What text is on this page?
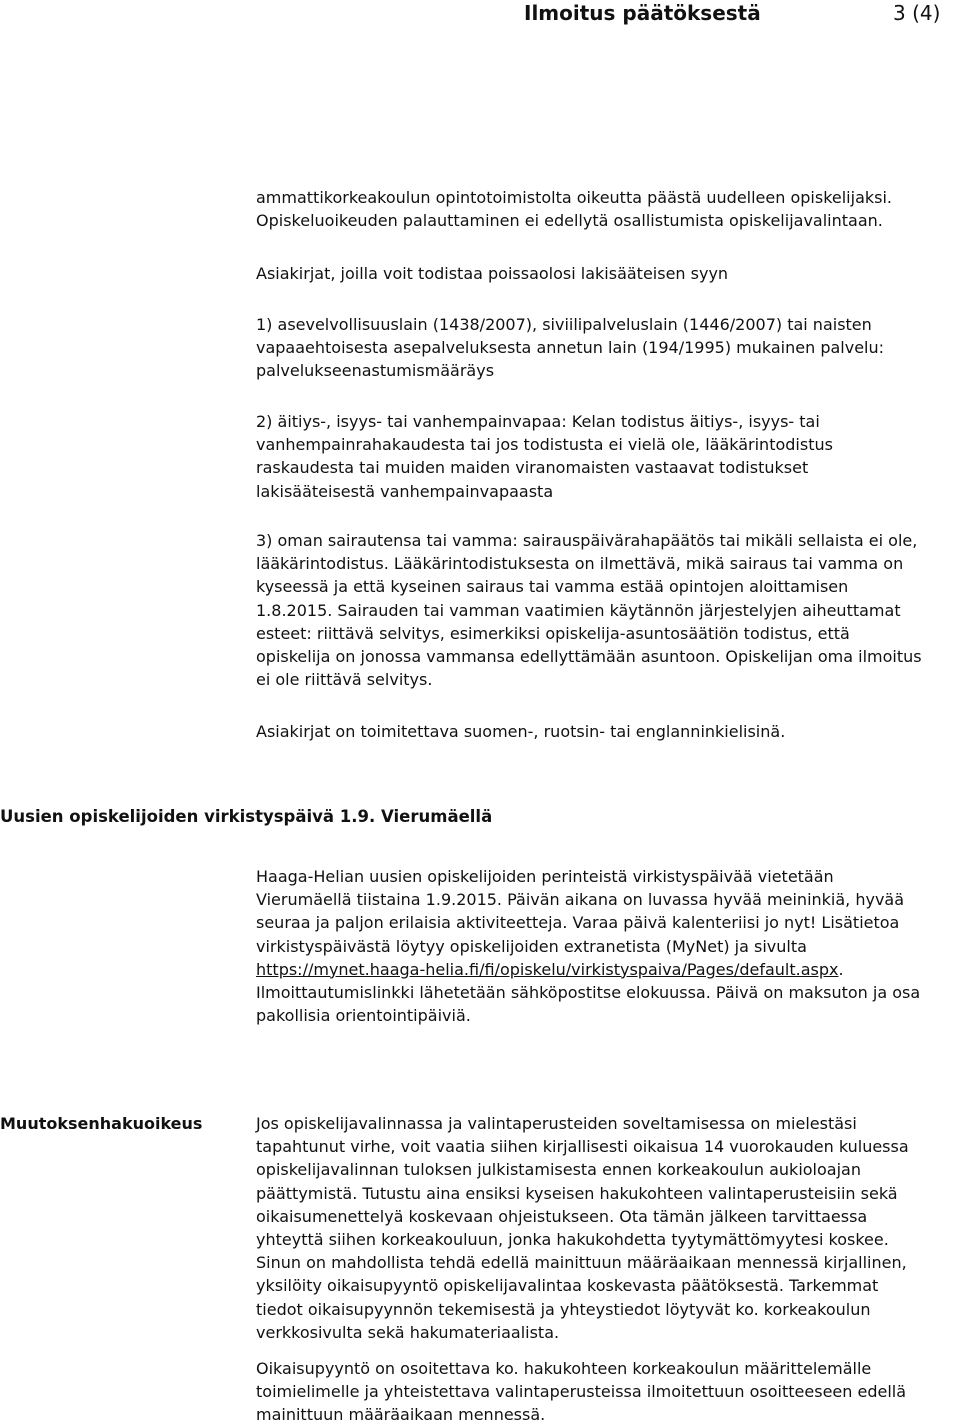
Ilmoitus päätöksestä	3 (4)

ammattikorkeakoulun opintotoimistolta oikeutta päästä uudelleen opiskelijaksi.

Opiskeluoikeuden palauttaminen ei edellytä osallistumista opiskelijavalintaan.

Asiakirjat, joilla voit todistaa poissaolosi lakisääteisen syyn

1) asevelvollisuuslain (1438/2007), siviilipalveluslain (1446/2007) tai naisten

vapaaehtoisesta asepalveluksesta annetun lain (194/1995) mukainen palvelu:

palvelukseenastumismääräys

2) äitiys-, isyys- tai vanhempainvapaa: Kelan todistus äitiys-, isyys- tai

vanhempainrahakaudesta tai jos todistusta ei vielä ole, lääkärintodistus

raskaudesta tai muiden maiden viranomaisten vastaavat todistukset

lakisääteisestä vanhempainvapaasta

3) oman sairautensa tai vamma: sairauspäivärahapäätös tai mikäli sellaista ei ole,

lääkärintodistus. Lääkärintodistuksesta on ilmettävä, mikä sairaus tai vamma on

kyseessä ja että kyseinen sairaus tai vamma estää opintojen aloittamisen

1.8.2015. Sairauden tai vamman vaatimien käytännön järjestelyjen aiheuttamat

esteet: riittävä selvitys, esimerkiksi opiskelija-asuntosäätiön todistus, että

opiskelija on jonossa vammansa edellyttämään asuntoon. Opiskelijan oma ilmoitus

ei ole riittävä selvitys.

Asiakirjat on toimitettava suomen-, ruotsin- tai englanninkielisinä.

Uusien opiskelijoiden virkistyspäivä 1.9. Vierumäellä

Haaga-Helian uusien opiskelijoiden perinteistä virkistyspäivää vietetään

Vierumäellä tiistaina 1.9.2015. Päivän aikana on luvassa hyvää meininkiä, hyvää

seuraa ja paljon erilaisia aktiviteetteja. Varaa päivä kalenteriisi jo nyt! Lisätietoa

virkistyspäivästä löytyy opiskelijoiden extranetista (MyNet) ja sivulta

https://mynet.haaga-helia.fi/fi/opiskelu/virkistyspaiva/Pages/default.aspx.

Ilmoittautumislinkki lähetetään sähköpostitse elokuussa. Päivä on maksuton ja osa

pakollisia orientointipäiviä.

Muutoksenhakuoikeus	Jos opiskelijavalinnassa ja valintaperusteiden soveltamisessa on mielestäsi

tapahtunut virhe, voit vaatia siihen kirjallisesti oikaisua 14 vuorokauden kuluessa

opiskelijavalinnan tuloksen julkistamisesta ennen korkeakoulun aukioloajan

päättymistä. Tutustu aina ensiksi kyseisen hakukohteen valintaperusteisiin sekä

oikaisumenettelyä koskevaan ohjeistukseen. Ota tämän jälkeen tarvittaessa

yhteyttä siihen korkeakouluun, jonka hakukohdetta tyytymättömyytesi koskee.

Sinun on mahdollista tehdä edellä mainittuun määräaikaan mennessä kirjallinen,

yksilöity oikaisupyyntö opiskelijavalintaa koskevasta päätöksestä. Tarkemmat

tiedot oikaisupyynnön tekemisestä ja yhteystiedot löytyvät ko. korkeakoulun

verkkosivulta sekä hakumateriaalista.

Oikaisupyyntö on osoitettava ko. hakukohteen korkeakoulun määrittelemälle

toimielimelle ja yhteistettava valintaperusteissa ilmoitettuun osoitteeseen edellä

mainittuun määräaikaan mennessä.
